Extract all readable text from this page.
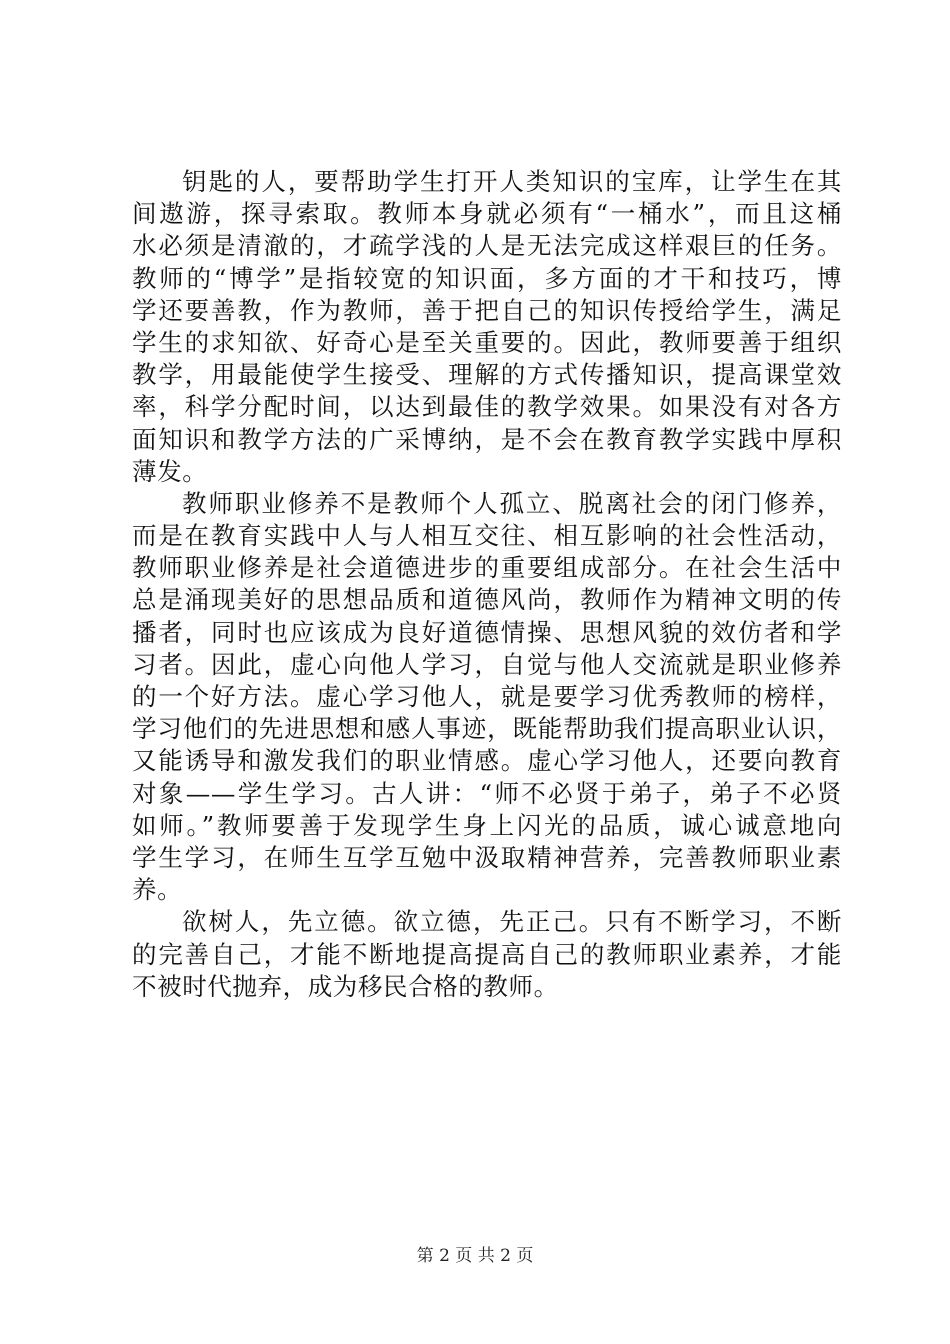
钥匙的人，要帮助学生打开人类知识的宝库，让学生在其
间遨游，探寻索取。教师本身就必须有“一桶水”，而且这桶
水必须是清澈的，才疏学浅的人是无法完成这样艰巨的任务。
教师的“博学”是指较宽的知识面，多方面的才干和技巧，博
学还要善教，作为教师，善于把自己的知识传授给学生，满足
学生的求知欲、好奇心是至关重要的。因此，教师要善于组织
教学，用最能使学生接受、理解的方式传播知识，提高课堂效
率，科学分配时间，以达到最佳的教学效果。如果没有对各方
面知识和教学方法的广采博纳，是不会在教育教学实践中厚积
薄发。
教师职业修养不是教师个人孤立、脱离社会的闭门修养，
而是在教育实践中人与人相互交往、相互影响的社会性活动，
教师职业修养是社会道德进步的重要组成部分。在社会生活中
总是涌现美好的思想品质和道德风尚，教师作为精神文明的传
播者，同时也应该成为良好道德情操、思想风貌的效仿者和学
习者。因此，虚心向他人学习，自觉与他人交流就是职业修养
的一个好方法。虚心学习他人，就是要学习优秀教师的榜样，
学习他们的先进思想和感人事迹，既能帮助我们提高职业认识，
又能诱导和激发我们的职业情感。虚心学习他人，还要向教育
对象——学生学习。古人讲：“师不必贤于弟子，弟子不必贤
如师。”教师要善于发现学生身上闪光的品质，诚心诚意地向
学生学习，在师生互学互勉中汲取精神营养，完善教师职业素
养。
欲树人，先立德。欲立德，先正己。只有不断学习，不断
的完善自己，才能不断地提高提高自己的教师职业素养，才能
不被时代抛弃，成为移民合格的教师。
第 2 页 共 2 页
